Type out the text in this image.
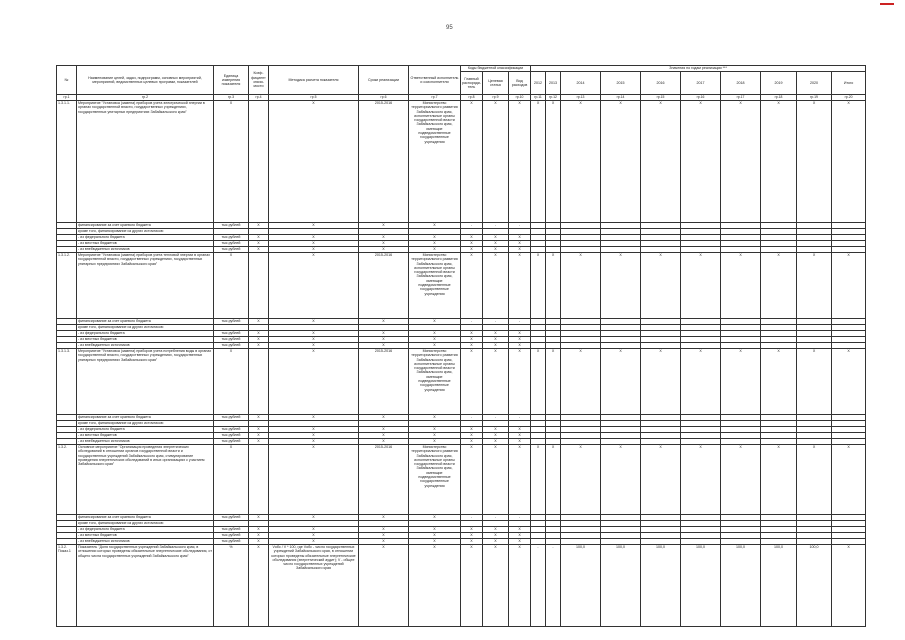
95
№	Наименование целей, задач, подпрограмм, основных мероприятий, мероприятий, ведомственных целевых программ, показателей	Единица измерения показателя	Коэф-фициент значи-мости	Методика расчета показателя	Сроки реализации	Ответственный исполнитель и соисполнители	Коды бюджетной классификации			Значения по годам реализации ***									
							Главный распоряди-тель	Целевая статья	Вид расходов	2012	2013	2014	2015	2016	2017	2018	2019	2020	Итого
гр.1	гр.2	гр.3	гр.4	гр.5	гр.6	гр.7	гр.8	гр.9	гр.10	гр.11	гр.12	гр.13	гр.14	гр.15	гр.16	гр.17	гр.18	гр.19	гр.20
1.3.1.1.	Мероприятие "Установка (замена) приборов учета электрической энергии в органах государственной власти, государственных учреждениях, государственных унитарных предприятиях Забайкальского края"	X		X	2015-2016	Министерство территориального развития Забайкальского края, исполнительные органы государственной власти Забайкальского края, имеющие подведомственные государственные учреждения	X	X	X	X	X	X	X	X	X	X	X	X	X
	финансирование за счет краевого бюджета	тыс.рублей	X	X	X	X	-	-	-										
	кроме того, финансирование из других источников:																		
	- из федерального бюджета	тыс.рублей	X	X	X	X	X	X	X										
	- из местных бюджетов	тыс.рублей	X	X	X	X	X	X	X										
	- из внебюджетных источников	тыс.рублей	X	X	X	X	X	X	X										
1.3.1.2.	Мероприятие "Установка (замена) приборов учета тепловой энергии в органах государственной власти, государственных учреждениях, государственных унитарных предприятиях Забайкальского края"	X		X	2015-2016	Министерство территориального развития Забайкальского края, исполнительные органы государственной власти Забайкальского края, имеющие подведомственные государственные учреждения	X	X	X	X	X	X	X	X	X	X	X	X	X
	финансирование за счет краевого бюджета	тыс.рублей	X	X	X	X	-	-	-										
	кроме того, финансирование из других источников:																		
	- из федерального бюджета	тыс.рублей	X	X	X	X	X	X	X										
	- из местных бюджетов	тыс.рублей	X	X	X	X	X	X	X										
	- из внебюджетных источников	тыс.рублей	X	X	X	X	X	X	X										
1.3.1.3.	Мероприятие "Установка (замена) приборов учета потребления воды в органах государственной власти, государственных учреждениях, государственных унитарных предприятиях Забайкальского края"	X		X	2015-2016	Министерство территориального развития Забайкальского края, исполнительные органы государственной власти Забайкальского края, имеющие подведомственные государственные учреждения	X	X	X	X	X	X	X	X	X	X	X	X	X
	финансирование за счет краевого бюджета	тыс.рублей	X	X	X	X	-	-	-										
	кроме того, финансирование из других источников:																		
	- из федерального бюджета	тыс.рублей	X	X	X	X	X	X	X										
	- из местных бюджетов	тыс.рублей	X	X	X	X	X	X	X										
	- из внебюджетных источников	тыс.рублей	X	X	X	X	X	X	X										
1.3.2.	Основное мероприятие "Организация проведения энергетических обследований в отношении органов государственной власти и государственных учреждений Забайкальского края, стимулирование проведения энергетических обследований в иных организациях с участием Забайкальского края"	X		X	2015-2016	Министерство территориального развития Забайкальского края, исполнительные органы государственной власти Забайкальского края, имеющие подведомственные государственные учреждения	X	X	X	X	X	X	X	X	X	X	X	X	X
	финансирование за счет краевого бюджета	тыс.рублей	X	X	X	X	-	-	-										
	кроме того, финансирование из других источников:																		
	- из федерального бюджета	тыс.рублей	X	X	X	X	X	X	X										
	- из местных бюджетов	тыс.рублей	X	X	X	X	X	X	X										
	- из внебюджетных источников	тыс.рублей	X	X	X	X	X	X	X										
1.3.2. Показ.1	Показатель "Доля государственных учреждений Забайкальского края, в отношении которых проведены обязательные энергетические обследования, от общего числа государственных учреждений Забайкальского края"	%	X	Vобс / V * 100, где Vобс - число государственных учреждений Забайкальского края, в отношении которых проведены обязательные энергетические обследования (энергетический аудит); V - общее число государственных учреждений Забайкальского края	X	X	X	X	X	-	-	100,0	100,0	100,0	100,0	100,0	100,0	100,0	X
